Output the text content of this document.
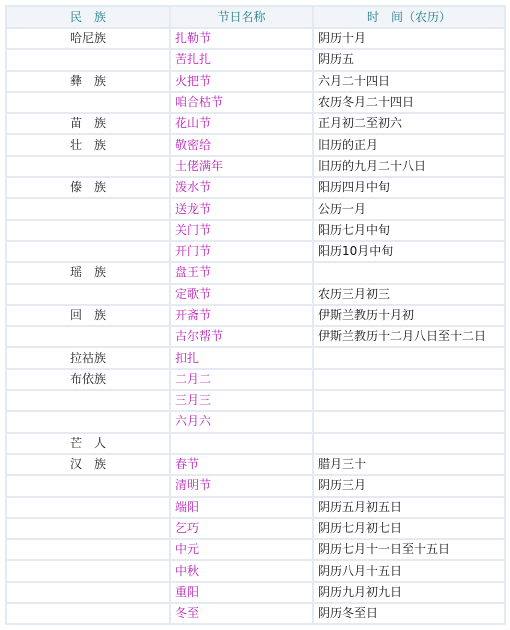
民　族	节日名称	时　间（农历）
哈尼族	扎勒节	阴历十月
	苦扎扎	阴历五
彝　族	火把节	六月二十四日
	咱合枯节	农历冬月二十四日
苗　族	花山节	正月初二至初六
壮　族	敬密给	旧历的正月
	土佬满年	旧历的九月二十八日
傣　族	泼水节	阳历四月中旬
	送龙节	公历一月
	关门节	阳历七月中旬
	开门节	阳历10月中旬
瑶　族	盘王节	
	定歌节	农历三月初三
回　族	开斋节	伊斯兰教历十月初
	古尔帮节	伊斯兰教历十二月八日至十二日
拉祜族	扣扎	
布依族	二月二	
	三月三	
	六月六	
芒　人		
汉　族	春节	腊月三十
	清明节	阴历三月
	端阳	阴历五月初五日
	乞巧	阴历七月初七日
	中元	阴历七月十一日至十五日
	中秋	阴历八月十五日
	重阳	阴历九月初九日
	冬至	阴历冬至日
